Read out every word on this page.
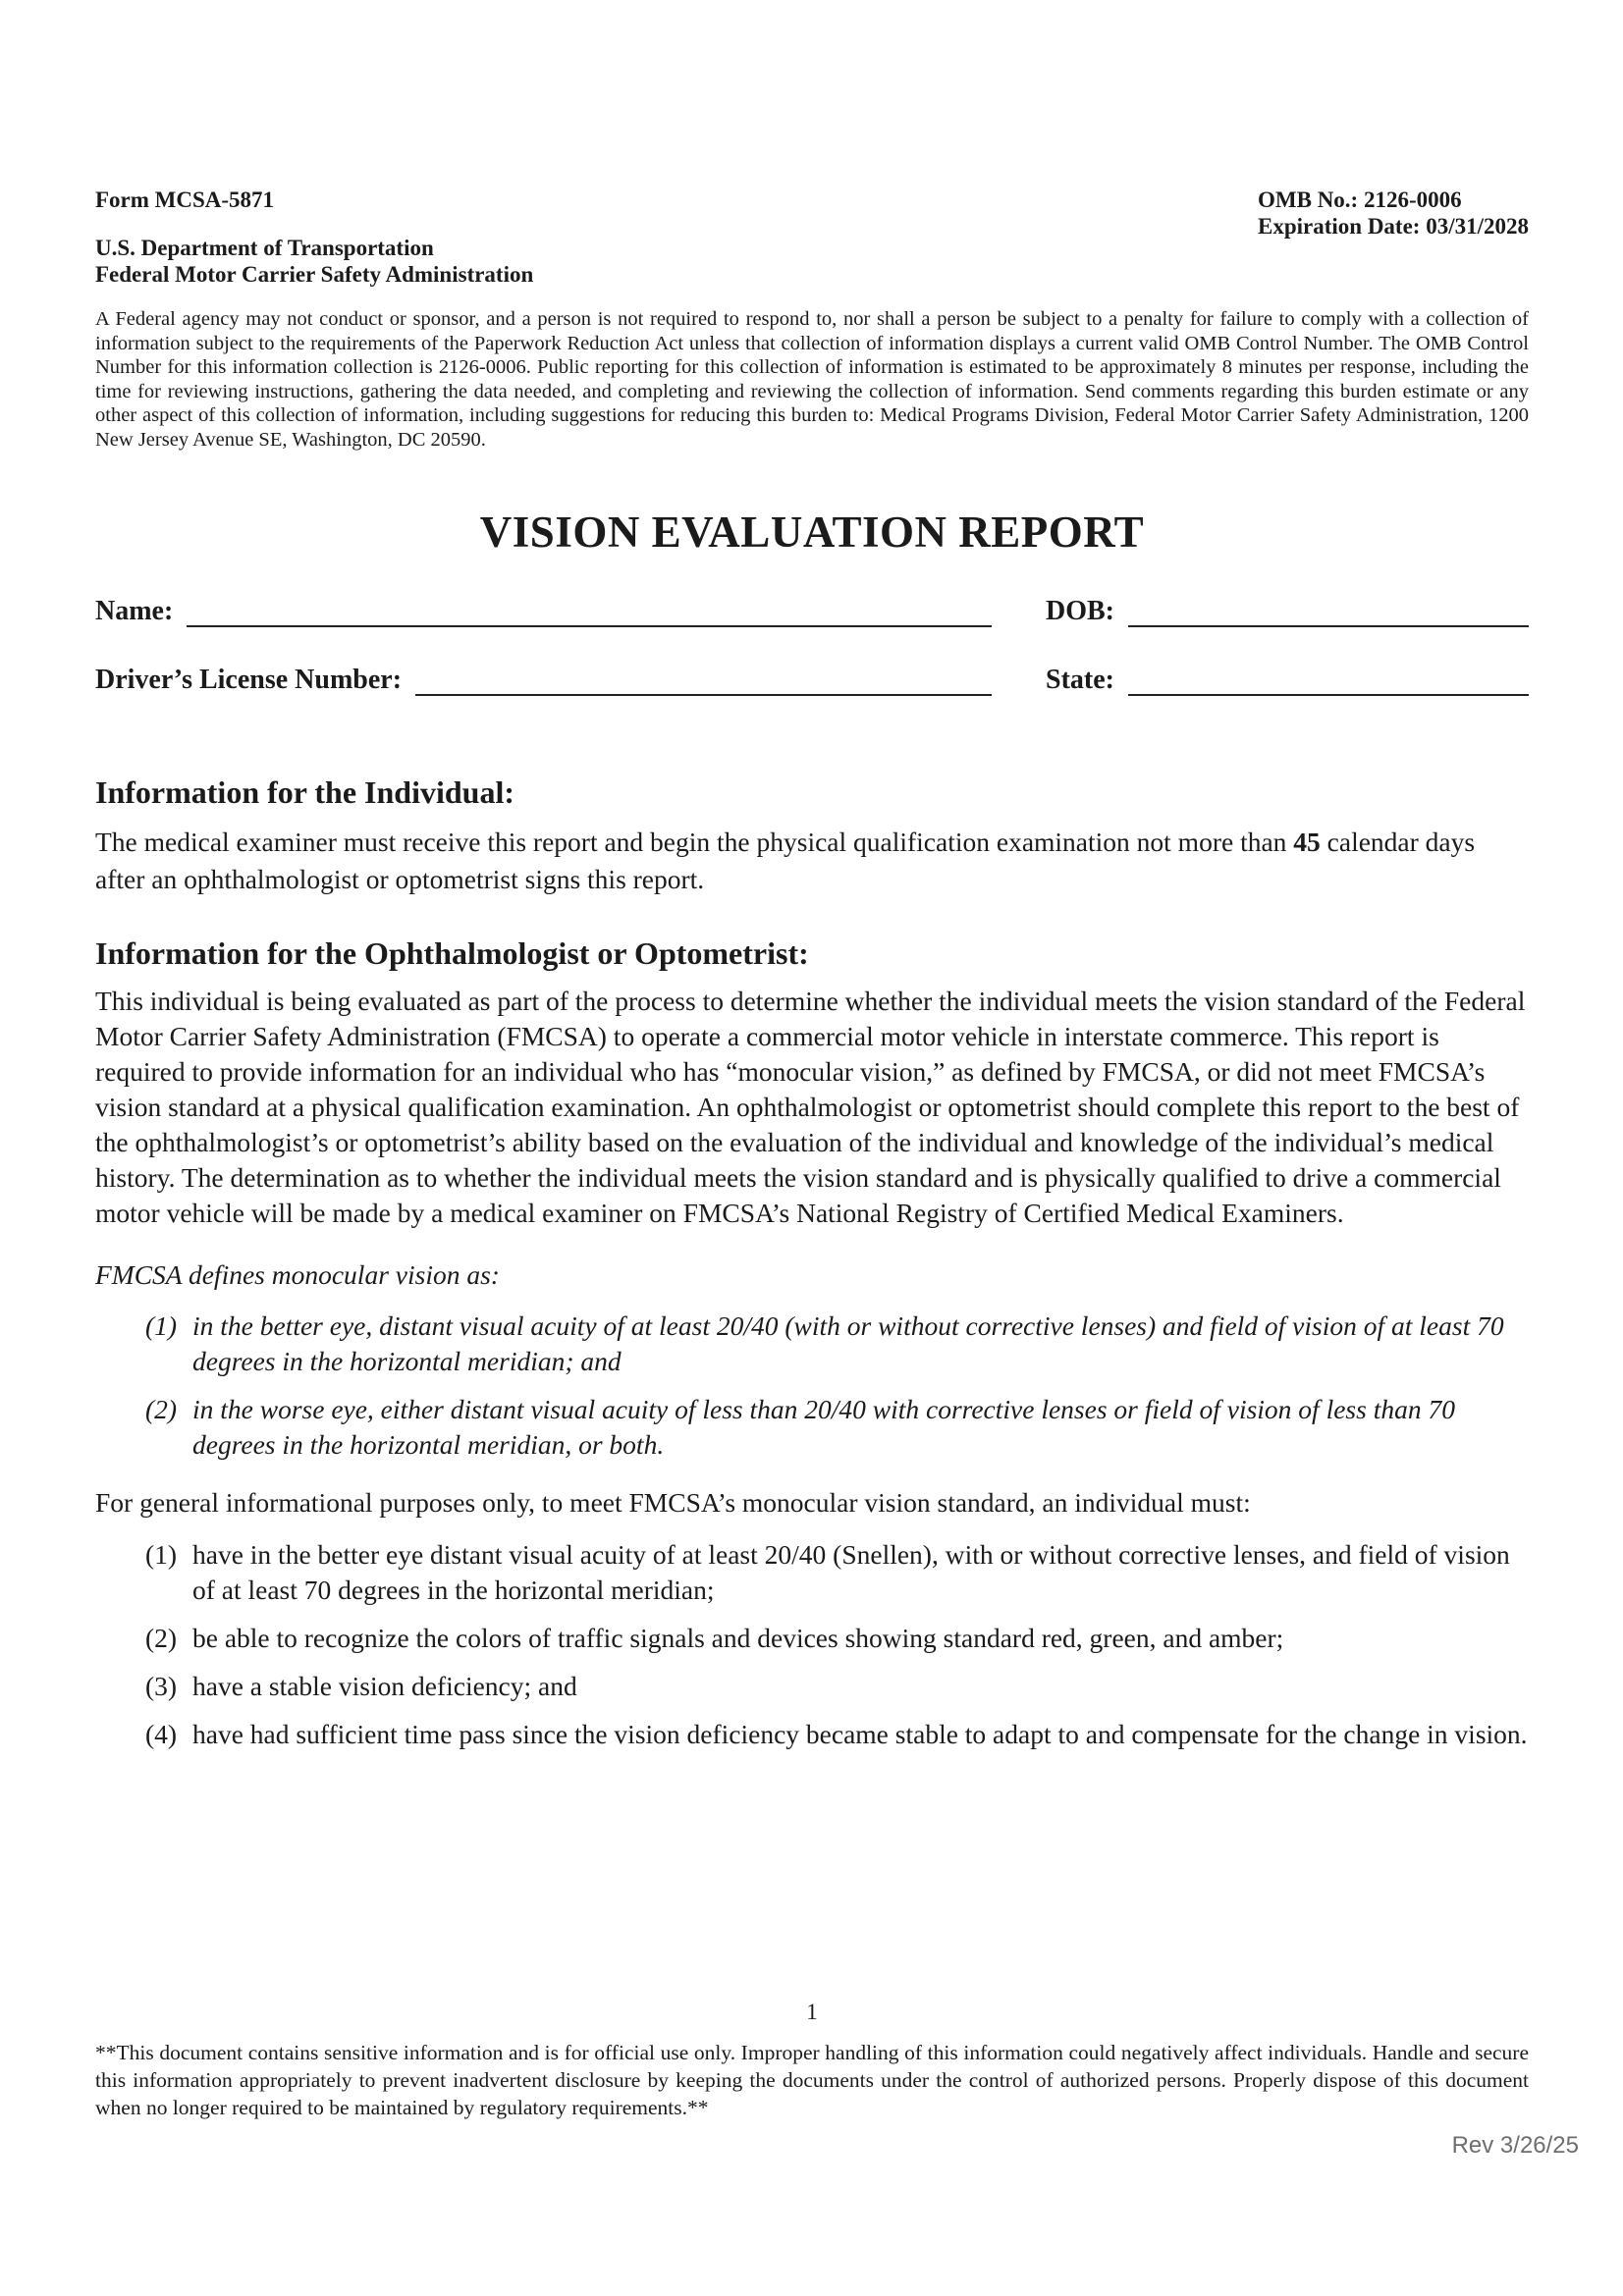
Form MCSA-5871
U.S. Department of Transportation
Federal Motor Carrier Safety Administration
OMB No.: 2126-0006
Expiration Date: 03/31/2028

A Federal agency may not conduct or sponsor, and a person is not required to respond to, nor shall a person be subject to a penalty for failure to comply with a collection of information subject to the requirements of the Paperwork Reduction Act unless that collection of information displays a current valid OMB Control Number. The OMB Control Number for this information collection is 2126-0006. Public reporting for this collection of information is estimated to be approximately 8 minutes per response, including the time for reviewing instructions, gathering the data needed, and completing and reviewing the collection of information. Send comments regarding this burden estimate or any other aspect of this collection of information, including suggestions for reducing this burden to: Medical Programs Division, Federal Motor Carrier Safety Administration, 1200 New Jersey Avenue SE, Washington, DC 20590.

VISION EVALUATION REPORT
Name:	DOB:
Driver’s License Number:	State:
Information for the Individual:

The medical examiner must receive this report and begin the physical qualification examination not more than 45 calendar days after an ophthalmologist or optometrist signs this report.

Information for the Ophthalmologist or Optometrist:

This individual is being evaluated as part of the process to determine whether the individual meets the vision standard of the Federal Motor Carrier Safety Administration (FMCSA) to operate a commercial motor vehicle in interstate commerce. This report is required to provide information for an individual who has “monocular vision,” as defined by FMCSA, or did not meet FMCSA’s vision standard at a physical qualification examination. An ophthalmologist or optometrist should complete this report to the best of the ophthalmologist’s or optometrist’s ability based on the evaluation of the individual and knowledge of the individual’s medical history. The determination as to whether the individual meets the vision standard and is physically qualified to drive a commercial motor vehicle will be made by a medical examiner on FMCSA’s National Registry of Certified Medical Examiners.

FMCSA defines monocular vision as:

(1) in the better eye, distant visual acuity of at least 20/40 (with or without corrective lenses) and field of vision of at least 70 degrees in the horizontal meridian; and
(2) in the worse eye, either distant visual acuity of less than 20/40 with corrective lenses or field of vision of less than 70 degrees in the horizontal meridian, or both.

For general informational purposes only, to meet FMCSA’s monocular vision standard, an individual must:

(1) have in the better eye distant visual acuity of at least 20/40 (Snellen), with or without corrective lenses, and field of vision of at least 70 degrees in the horizontal meridian;
(2) be able to recognize the colors of traffic signals and devices showing standard red, green, and amber;
(3) have a stable vision deficiency; and
(4) have had sufficient time pass since the vision deficiency became stable to adapt to and compensate for the change in vision.
1

**This document contains sensitive information and is for official use only. Improper handling of this information could negatively affect individuals. Handle and secure this information appropriately to prevent inadvertent disclosure by keeping the documents under the control of authorized persons. Properly dispose of this document when no longer required to be maintained by regulatory requirements.**

Rev 3/26/25
